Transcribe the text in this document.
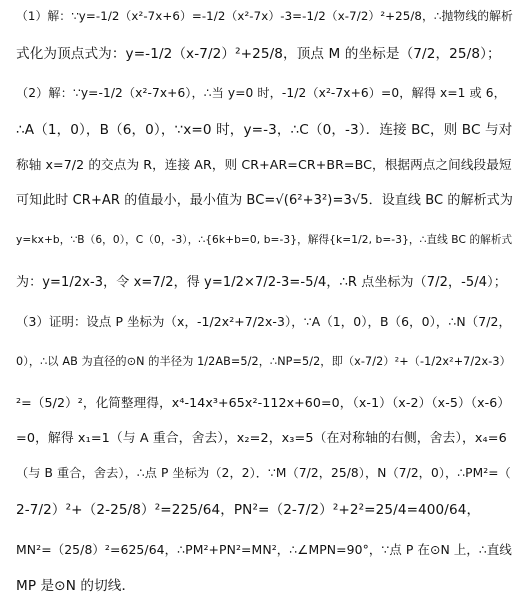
（1）解：∵y=-1/2（x²-7x+6）=-1/2（x²-7x）-3=-1/2（x-7/2）²+25/8，∴抛物线的解析
式化为顶点式为：y=-1/2（x-7/2）²+25/8，顶点 M 的坐标是（7/2，25/8）；
（2）解：∵y=-1/2（x²-7x+6），∴当 y=0 时，-1/2（x²-7x+6）=0，解得 x=1 或 6，
∴A（1，0），B（6，0），∵x=0 时，y=-3，∴C（0，-3）．连接 BC，则 BC 与对
称轴 x=7/2 的交点为 R，连接 AR，则 CR+AR=CR+BR=BC，根据两点之间线段最短
可知此时 CR+AR 的值最小，最小值为 BC=√(6²+3²)=3√5．设直线 BC 的解析式为
y=kx+b，∵B（6，0），C（0，-3），∴{6k+b=0, b=-3}，解得{k=1/2, b=-3}，∴直线 BC 的解析式
为：y=1/2x-3，令 x=7/2，得 y=1/2×7/2-3=-5/4，∴R 点坐标为（7/2，-5/4）；
（3）证明：设点 P 坐标为（x，-1/2x²+7/2x-3），∵A（1，0），B（6，0），∴N（7/2，
0），∴以 AB 为直径的⊙N 的半径为 1/2AB=5/2，∴NP=5/2，即（x-7/2）²+（-1/2x²+7/2x-3）
²=（5/2）²，化简整理得，x⁴-14x³+65x²-112x+60=0，（x-1）（x-2）（x-5）（x-6）
=0，解得 x₁=1（与 A 重合，舍去），x₂=2，x₃=5（在对称轴的右侧，舍去），x₄=6
（与 B 重合，舍去），∴点 P 坐标为（2，2）．∵M（7/2，25/8），N（7/2，0），∴PM²=（
2-7/2）²+（2-25/8）²=225/64，PN²=（2-7/2）²+2²=25/4=400/64，
MN²=（25/8）²=625/64，∴PM²+PN²=MN²，∴∠MPN=90°，∵点 P 在⊙N 上，∴直线
MP 是⊙N 的切线．
